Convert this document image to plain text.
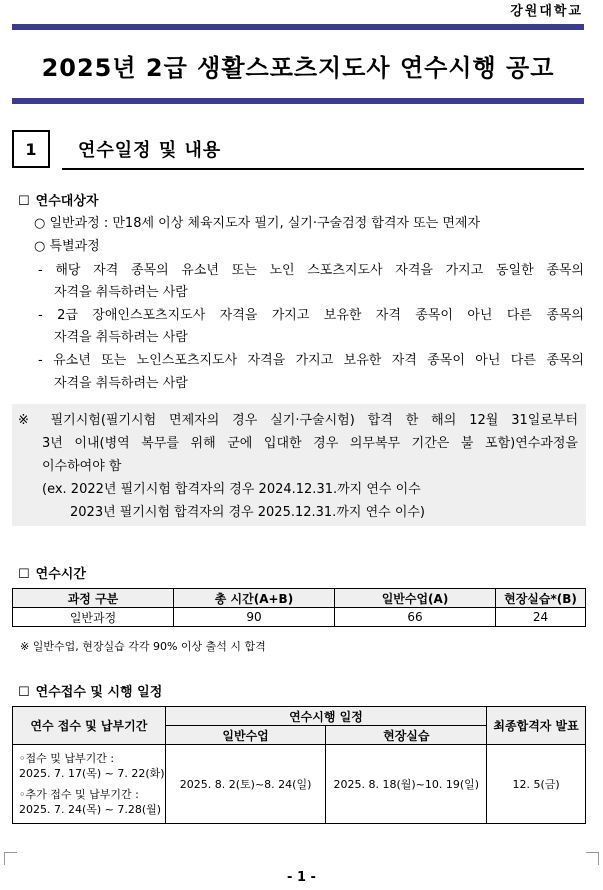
강원대학교
2025년 2급 생활스포츠지도사 연수시행 공고
1	연수일정 및 내용
☐ 연수대상자
○ 일반과정 : 만18세 이상 체육지도자 필기, 실기·구술검정 합격자 또는 면제자
○ 특별과정
- 해당 자격 종목의 유소년 또는 노인 스포츠지도사 자격을 가지고 동일한 종목의
자격을 취득하려는 사람
- 2급 장애인스포츠지도사 자격을 가지고 보유한 자격 종목이 아닌 다른 종목의
자격을 취득하려는 사람
- 유소년 또는 노인스포츠지도사 자격을 가지고 보유한 자격 종목이 아닌 다른 종목의
자격을 취득하려는 사람
※ 필기시험(필기시험 면제자의 경우 실기·구술시험) 합격 한 해의 12월 31일로부터
3년 이내(병역 복무를 위해 군에 입대한 경우 의무복무 기간은 불 포함)연수과정을
이수하여야 함
(ex. 2022년 필기시험 합격자의 경우 2024.12.31.까지 연수 이수
2023년 필기시험 합격자의 경우 2025.12.31.까지 연수 이수)
☐ 연수시간
과정 구분	총 시간(A+B)	일반수업(A)	현장실습*(B)
일반과정	90	66	24
※ 일반수업, 현장실습 각각 90% 이상 출석 시 합격
☐ 연수접수 및 시행 일정
연수 접수 및 납부기간	연수시행 일정		최종합격자 발표
	일반수업	현장실습	

◦접수 및 납부기간 :
2025. 7. 17(목) ~ 7. 22(화)
◦추가 접수 및 납부기간 :
2025. 7. 24(목) ~ 7.28(월)	2025. 8. 2(토)~8. 24(일)	2025. 8. 18(월)~10. 19(일)	12. 5(금)
- 1 -
